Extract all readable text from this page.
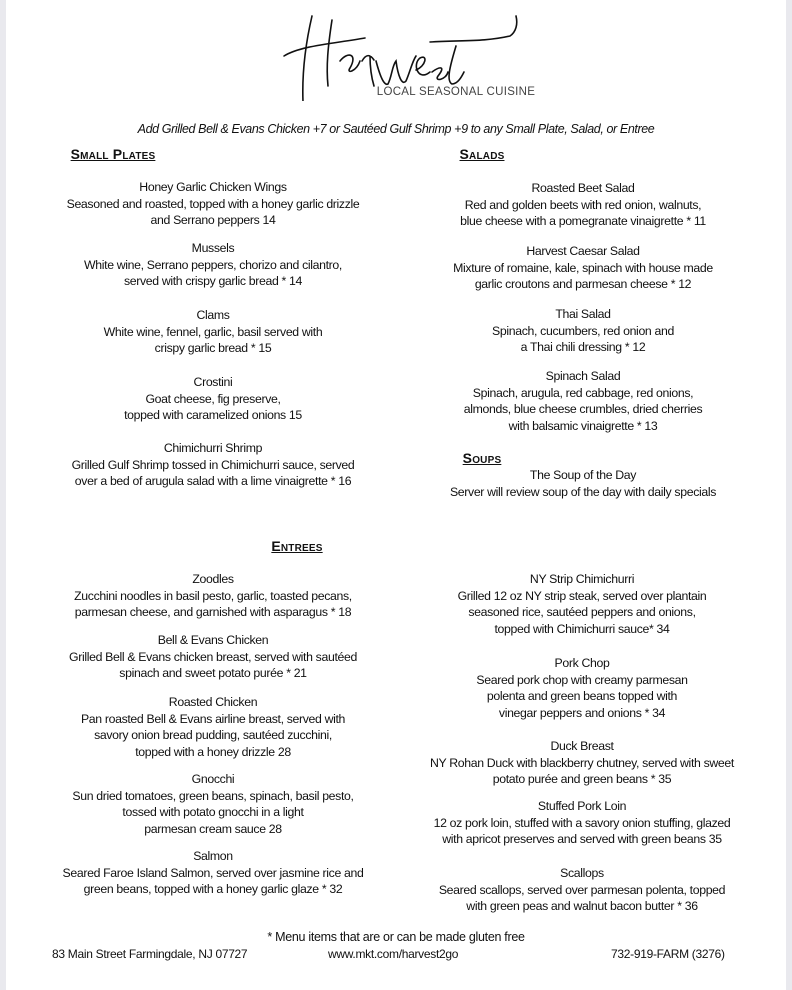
LOCAL SEASONAL CUISINE
Add Grilled Bell & Evans Chicken +7 or Sautéed Gulf Shrimp +9 to any Small Plate, Salad, or Entree
Small Plates	Salads
Soups
Entrees
Honey Garlic Chicken Wings
Seasoned and roasted, topped with a honey garlic drizzle
and Serrano peppers 14
Mussels
White wine, Serrano peppers, chorizo and cilantro,
served with crispy garlic bread * 14
Clams
White wine, fennel, garlic, basil served with
crispy garlic bread * 15
Crostini
Goat cheese, fig preserve,
topped with caramelized onions 15
Chimichurri Shrimp
Grilled Gulf Shrimp tossed in Chimichurri sauce, served
over a bed of arugula salad with a lime vinaigrette * 16
Roasted Beet Salad
Red and golden beets with red onion, walnuts,
blue cheese with a pomegranate vinaigrette * 11
Harvest Caesar Salad
Mixture of romaine, kale, spinach with house made
garlic croutons and parmesan cheese * 12
Thai Salad
Spinach, cucumbers, red onion and
a Thai chili dressing * 12
Spinach Salad
Spinach, arugula, red cabbage, red onions,
almonds, blue cheese crumbles, dried cherries
with balsamic vinaigrette * 13
The Soup of the Day
Server will review soup of the day with daily specials
Zoodles
Zucchini noodles in basil pesto, garlic, toasted pecans,
parmesan cheese, and garnished with asparagus * 18
Bell & Evans Chicken
Grilled Bell & Evans chicken breast, served with sautéed
spinach and sweet potato purée * 21
Roasted Chicken
Pan roasted Bell & Evans airline breast, served with
savory onion bread pudding, sautéed zucchini,
topped with a honey drizzle 28
Gnocchi
Sun dried tomatoes, green beans, spinach, basil pesto,
tossed with potato gnocchi in a light
parmesan cream sauce 28
Salmon
Seared Faroe Island Salmon, served over jasmine rice and
green beans, topped with a honey garlic glaze * 32
NY Strip Chimichurri
Grilled 12 oz NY strip steak, served over plantain
seasoned rice, sautéed peppers and onions,
topped with Chimichurri sauce* 34
Pork Chop
Seared pork chop with creamy parmesan
polenta and green beans topped with
vinegar peppers and onions * 34
Duck Breast
NY Rohan Duck with blackberry chutney, served with sweet
potato purée and green beans * 35
Stuffed Pork Loin
12 oz pork loin, stuffed with a savory onion stuffing, glazed
with apricot preserves and served with green beans 35
Scallops
Seared scallops, served over parmesan polenta, topped
with green peas and walnut bacon butter * 36
* Menu items that are or can be made gluten free
83 Main Street Farmingdale, NJ 07727	www.mkt.com/harvest2go	732-919-FARM (3276)
